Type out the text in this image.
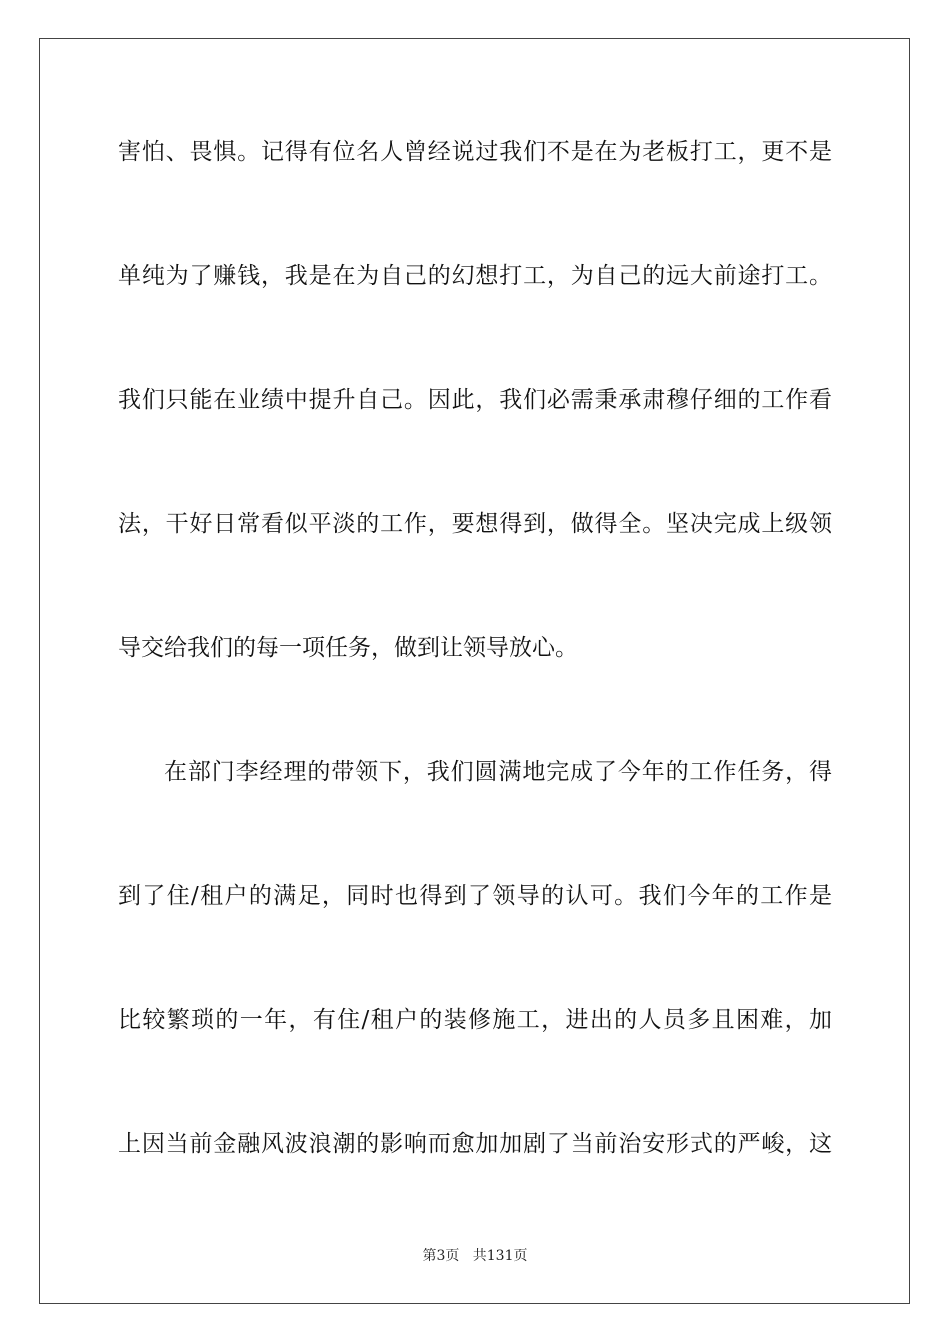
害怕、畏惧。记得有位名人曾经说过我们不是在为老板打工，更不是
单纯为了赚钱，我是在为自己的幻想打工，为自己的远大前途打工。
我们只能在业绩中提升自己。因此，我们必需秉承肃穆仔细的工作看
法，干好日常看似平淡的工作，要想得到，做得全。坚决完成上级领
导交给我们的每一项任务，做到让领导放心。
在部门李经理的带领下，我们圆满地完成了今年的工作任务，得
到了住/租户的满足，同时也得到了领导的认可。我们今年的工作是
比较繁琐的一年，有住/租户的装修施工，进出的人员多且困难，加
上因当前金融风波浪潮的影响而愈加加剧了当前治安形式的严峻，这
第3页 共131页
